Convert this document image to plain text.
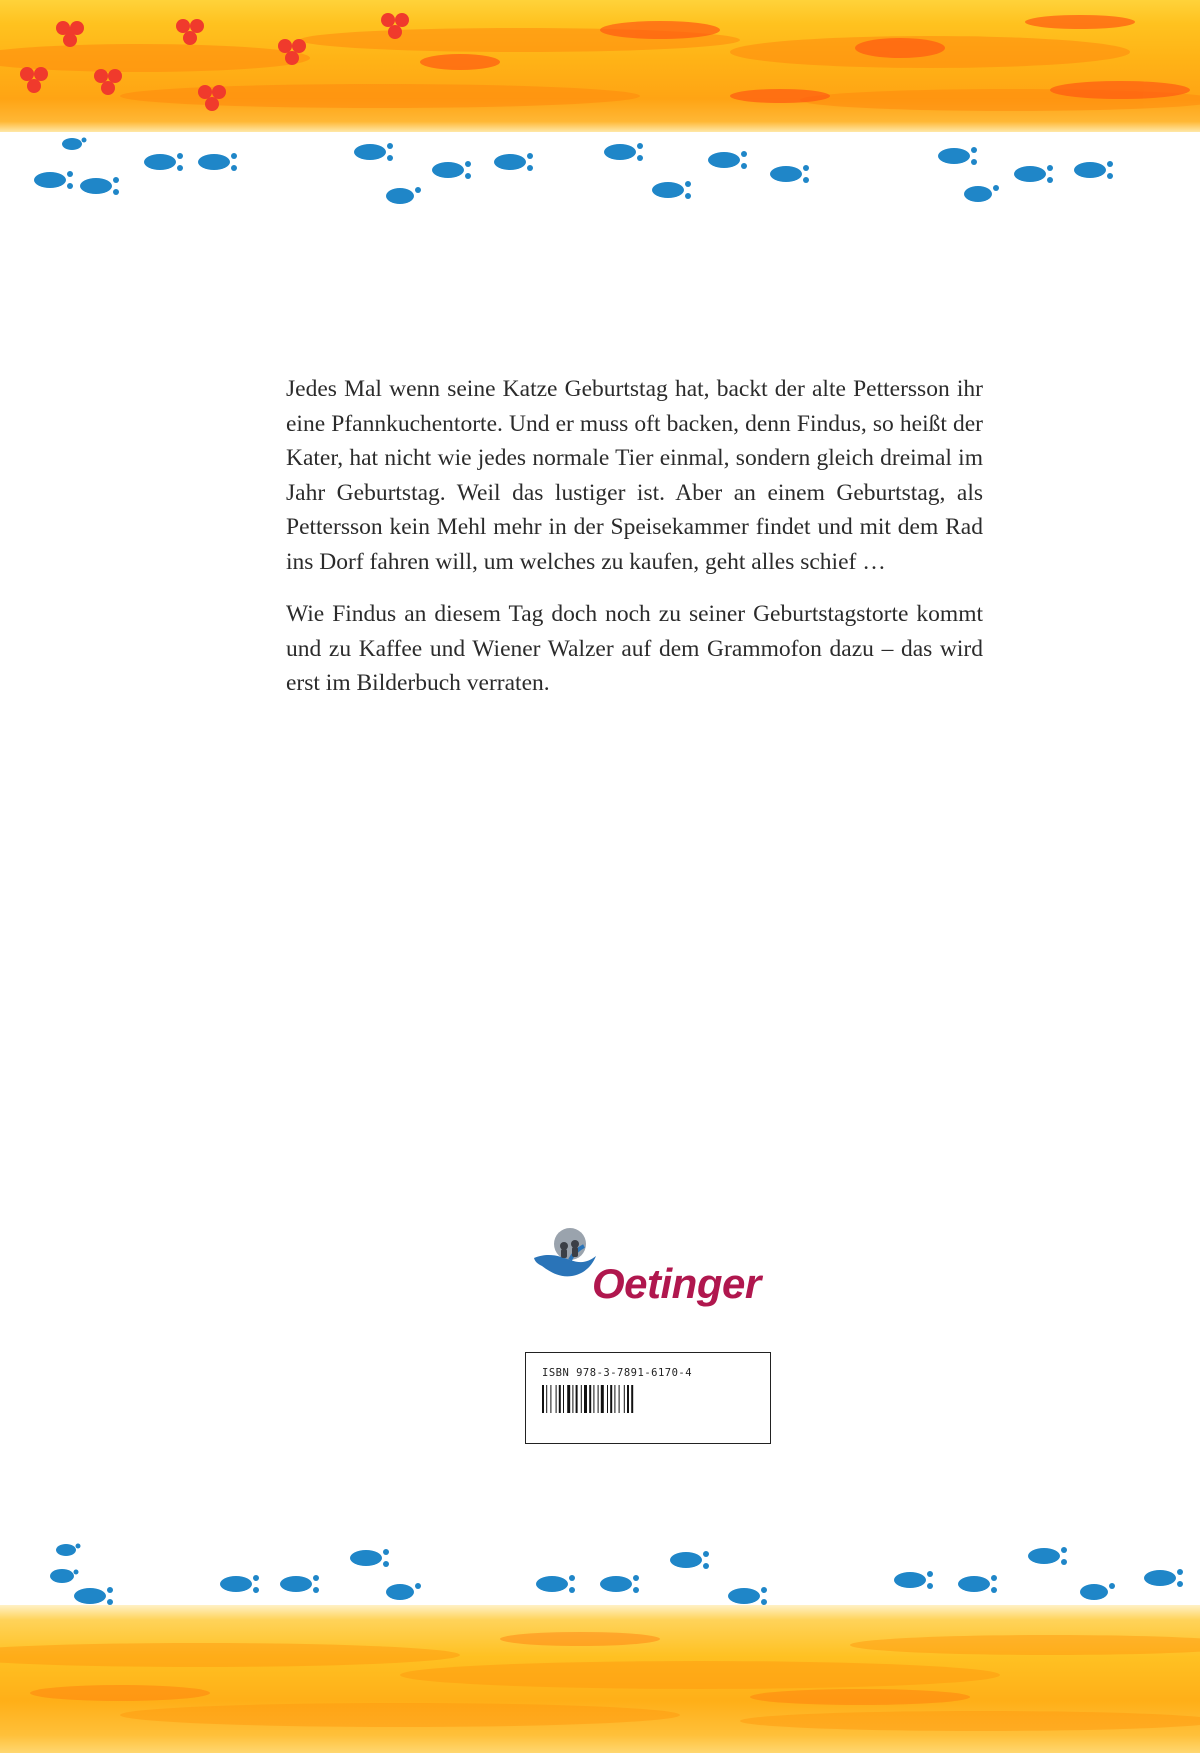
Jedes Mal wenn seine Katze Geburtstag hat, backt der alte Pettersson ihr eine Pfannkuchentorte. Und er muss oft backen, denn Findus, so heißt der Kater, hat nicht wie jedes normale Tier einmal, sondern gleich dreimal im Jahr Geburtstag. Weil das lustiger ist. Aber an einem Geburtstag, als Pettersson kein Mehl mehr in der Speisekammer findet und mit dem Rad ins Dorf fahren will, um welches zu kaufen, geht alles schief …

Wie Findus an diesem Tag doch noch zu seiner Geburtstagstorte kommt und zu Kaffee und Wiener Walzer auf dem Grammofon dazu – das wird erst im Bilderbuch verraten.

Oetinger
ISBN 978-3-7891-6170-4
